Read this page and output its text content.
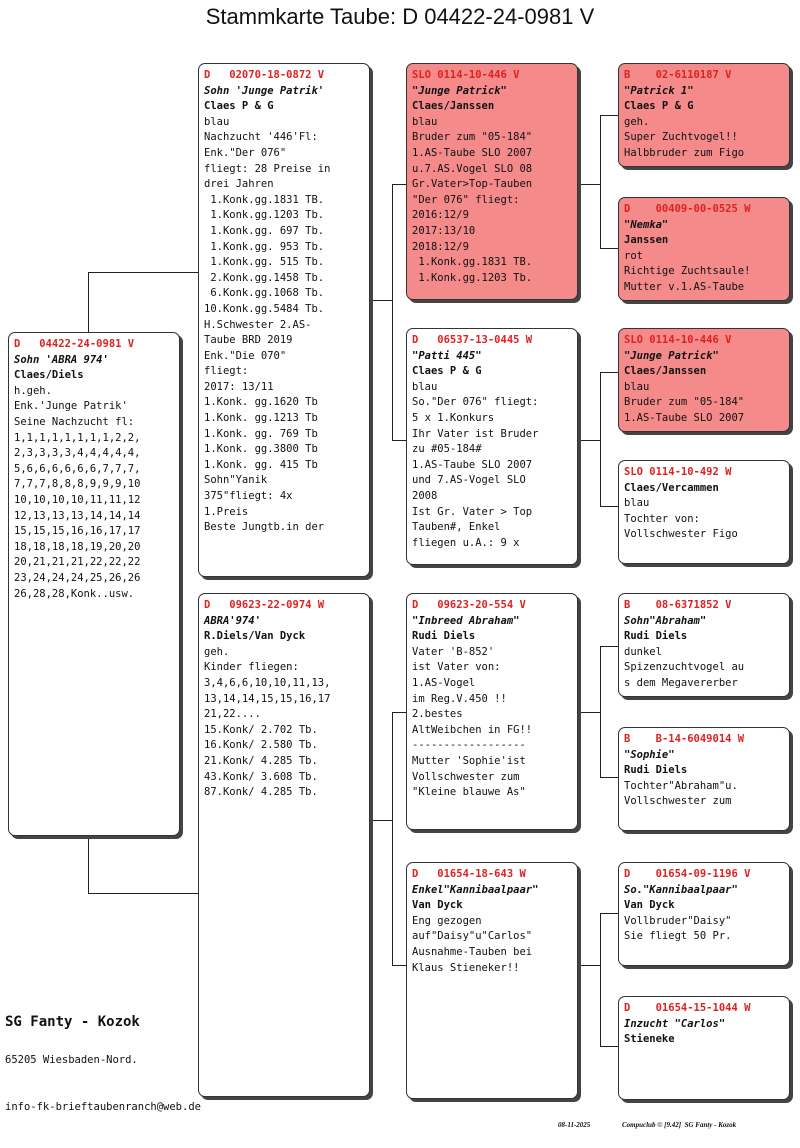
Stammkarte Taube: D 04422-24-0981 V
D   04422-24-0981 V
Sohn 'ABRA 974'
Claes/Diels
h.geh.
Enk.'Junge Patrik'
Seine Nachzucht fl:
1,1,1,1,1,1,1,1,2,2,
2,3,3,3,3,4,4,4,4,4,
5,6,6,6,6,6,6,7,7,7,
7,7,7,8,8,8,9,9,9,10
10,10,10,10,11,11,12
12,13,13,13,14,14,14
15,15,15,16,16,17,17
18,18,18,18,19,20,20
20,21,21,21,22,22,22
23,24,24,24,25,26,26
26,28,28,Konk..usw.
D   02070-18-0872 V
Sohn 'Junge Patrik'
Claes P & G
blau
Nachzucht '446'Fl:
Enk."Der 076"
fliegt: 28 Preise in
drei Jahren
1.Konk.gg.1831 TB.
1.Konk.gg.1203 Tb.
1.Konk.gg. 697 Tb.
1.Konk.gg. 953 Tb.
1.Konk.gg. 515 Tb.
2.Konk.gg.1458 Tb.
6.Konk.gg.1068 Tb.
10.Konk.gg.5484 Tb.
H.Schwester 2.AS-
Taube BRD 2019
Enk."Die 070"
fliegt:
2017: 13/11
1.Konk. gg.1620 Tb
1.Konk. gg.1213 Tb
1.Konk. gg. 769 Tb
1.Konk. gg.3800 Tb
1.Konk. gg. 415 Tb
Sohn"Yanik
375"fliegt: 4x
1.Preis
Beste Jungtb.in der
D   09623-22-0974 W
ABRA'974'
R.Diels/Van Dyck
geh.
Kinder fliegen:
3,4,6,6,10,10,11,13,
13,14,14,15,15,16,17
21,22....
15.Konk/ 2.702 Tb.
16.Konk/ 2.580 Tb.
21.Konk/ 4.285 Tb.
43.Konk/ 3.608 Tb.
87.Konk/ 4.285 Tb.
SLO 0114-10-446 V
"Junge Patrick"
Claes/Janssen
blau
Bruder zum "05-184"
1.AS-Taube SLO 2007
u.7.AS.Vogel SLO 08
Gr.Vater>Top-Tauben
"Der 076" fliegt:
2016:12/9
2017:13/10
2018:12/9
1.Konk.gg.1831 TB.
1.Konk.gg.1203 Tb.
D   06537-13-0445 W
"Patti 445"
Claes P & G
blau
So."Der 076" fliegt:
5 x 1.Konkurs
Ihr Vater ist Bruder
zu #05-184#
1.AS-Taube SLO 2007
und 7.AS-Vogel SLO
2008
Ist Gr. Vater > Top
Tauben#, Enkel
fliegen u.A.: 9 x
D   09623-20-554 V
"Inbreed Abraham"
Rudi Diels
Vater 'B-852'
ist Vater von:
1.AS-Vogel
im Reg.V.450 !!
2.bestes
AltWeibchen in FG!!
------------------
Mutter 'Sophie'ist
Vollschwester zum
"Kleine blauwe As"
D   01654-18-643 W
Enkel"Kannibaalpaar"
Van Dyck
Eng gezogen
auf"Daisy"u"Carlos"
Ausnahme-Tauben bei
Klaus Stieneker!!
B    02-6110187 V
"Patrick 1"
Claes P & G
geh.
Super Zuchtvogel!!
Halbbruder zum Figo
D    00409-00-0525 W
"Nemka"
Janssen
rot
Richtige Zuchtsaule!
Mutter v.1.AS-Taube
SLO 0114-10-446 V
"Junge Patrick"
Claes/Janssen
blau
Bruder zum "05-184"
1.AS-Taube SLO 2007
SLO 0114-10-492 W
Claes/Vercammen
blau
Tochter von:
Vollschwester Figo
B    08-6371852 V
Sohn"Abraham"
Rudi Diels
dunkel
Spizenzuchtvogel au
s dem Megavererber
B    B-14-6049014 W
"Sophie"
Rudi Diels
Tochter"Abraham"u.
Vollschwester zum
D    01654-09-1196 V
So."Kannibaalpaar"
Van Dyck
Vollbruder"Daisy"
Sie fliegt 50 Pr.
D    01654-15-1044 W
Inzucht "Carlos"
Stieneke
SG Fanty - Kozok
65205 Wiesbaden-Nord.
info-fk-brieftaubenranch@web.de
08-11-2025	Compuclub © [9.42]  SG Fanty - Kozok
